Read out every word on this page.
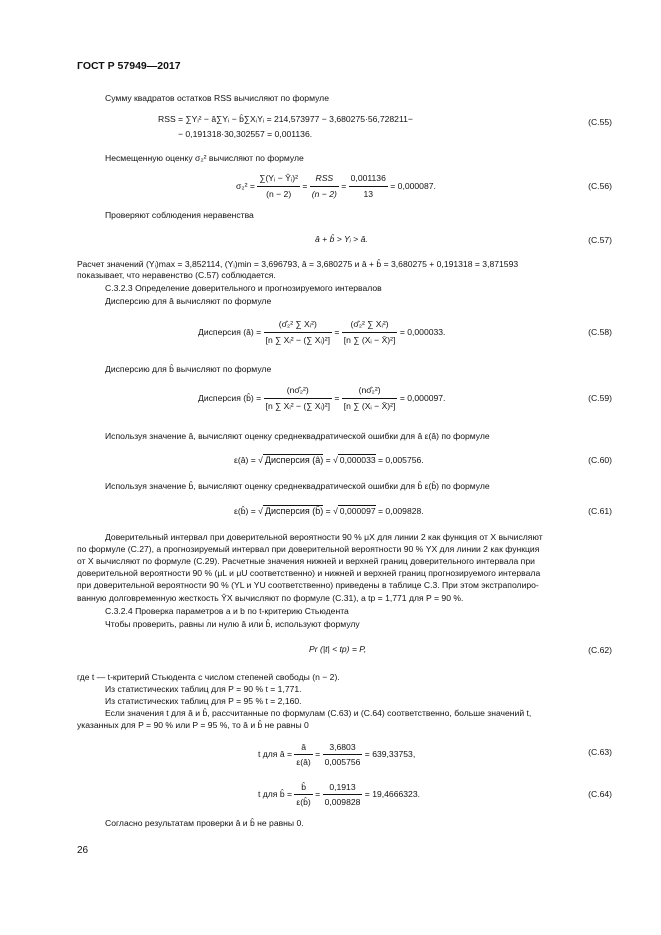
ГОСТ Р 57949—2017
Сумму квадратов остатков RSS вычисляют по формуле
RSS = ∑Yᵢ² − â∑Yᵢ − b̂∑XᵢYᵢ = 214,573977 − 3,680275·56,728211−
− 0,191318·30,302557 = 0,001136.
(С.55)
Несмещенную оценку σ₂² вычисляют по формуле
$\sigma_2^2 = \frac{\text{∑(Yᵢ − Ŷᵢ)²}}{(n - 2)}$ =
RSS
(n − 2)
= $\frac{0,001136}{13} = 0,000087$.	(С.56)
Проверяют соблюдения неравенства
â + b̂ > Yᵢ > â.	(С.57)
Расчет значений (Yᵢ)max = 3,852114, (Yᵢ)min = 3,696793, â = 3,680275 и â + b̂ = 3,680275 + 0,191318 = 3,871593
показывает, что неравенство (С.57) соблюдается.
С.3.2.3 Определение доверительного и прогнозируемого интервалов
Дисперсию для â вычисляют по формуле
Дисперсия (â) = $\frac{\text{(σ̂₂² ∑ Xᵢ²)}}{\text{[n ∑ Xᵢ² − (∑ Xᵢ)²]}} = \frac{\text{(σ̂₂² ∑ Xᵢ²)}}{\text{[n ∑ (Xᵢ − X̄)²]}} = 0,000033$.	(С.58)
Дисперсию для b̂ вычисляют по формуле
Дисперсия (b̂) = $\frac{\text{(nσ̂₂²)}}{\text{[n ∑ Xᵢ² − (∑ Xᵢ)²]}} = \frac{\text{(nσ̂₂²)}}{\text{[n ∑ (Xᵢ − X̄)²]}} = 0,000097$.	(С.59)
Используя значение â, вычисляют оценку среднеквадратической ошибки для â ε(â) по формуле
ε(â) = √ Дисперсия (â) = √ 0,000033 = 0,005756.	(С.60)
Используя значение b̂, вычисляют оценку среднеквадратической ошибки для b̂ ε(b̂) по формуле
ε(b̂) = √ Дисперсия (b̂) = √ 0,000097 = 0,009828.	(С.61)
Доверительный интервал при доверительной вероятности 90 % μX для линии 2 как функция от X вычисляют
по формуле (С.27), а прогнозируемый интервал при доверительной вероятности 90 % YX для линии 2 как функция
от X вычисляют по формуле (С.29). Расчетные значения нижней и верхней границ доверительного интервала при
доверительной вероятности 90 % (μL и μU соответственно) и нижней и верхней границ прогнозируемого интервала
при доверительной вероятности 90 % (YL и YU соответственно) приведены в таблице С.3. При этом экстраполиро-
ванную долговременную жесткость ŶX вычисляют по формуле (С.31), а tp = 1,771 для P = 90 %.
С.3.2.4 Проверка параметров a и b по t-критерию Стьюдента
Чтобы проверить, равны ли нулю â или b̂, используют формулу
Pr (|t| < tp) = P,	(С.62)
где t — t-критерий Стьюдента с числом степеней свободы (n − 2).
Из статистических таблиц для P = 90 % t = 1,771.
Из статистических таблиц для P = 95 % t = 2,160.
Если значения t для â и b̂, рассчитанные по формулам (С.63) и (С.64) соответственно, больше значений t,
указанных для P = 90 % или P = 95 %, то â и b̂ не равны 0
t для â = $\frac{â}{\varepsilon(â)} = \frac{3,6803}{0,005756} = 639,33753$,	(С.63)
t для b̂ = $\frac{b̂}{\varepsilon(b̂)} = \frac{0,1913}{0,009828} = 19,4666323$.	(С.64)
Согласно результатам проверки â и b̂ не равны 0.
26
